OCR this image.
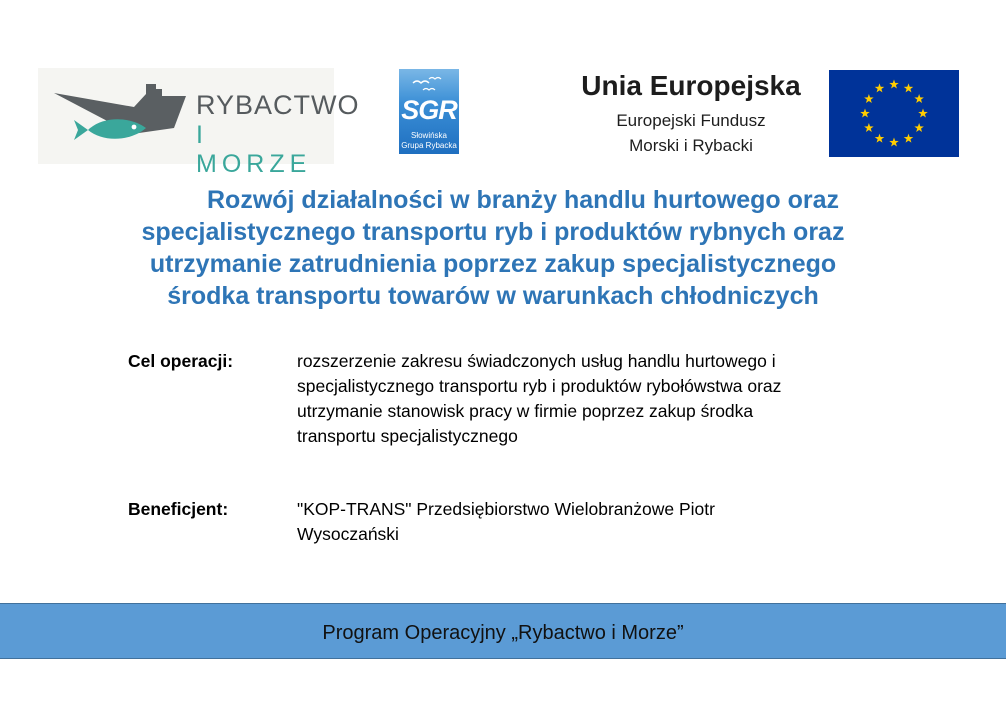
RYBACTWO
I MORZE
SGR
Słowińska
Grupa Rybacka
Unia Europejska
Europejski Fundusz
Morski i Rybacki
Rozwój działalności w branży handlu hurtowego oraz
specjalistycznego transportu ryb i produktów rybnych oraz
utrzymanie zatrudnienia poprzez zakup specjalistycznego
środka transportu towarów w warunkach chłodniczych
Cel operacji:	rozszerzenie zakresu świadczonych usług handlu hurtowego i
specjalistycznego transportu ryb i produktów rybołówstwa oraz
utrzymanie stanowisk pracy w firmie poprzez zakup środka
transportu specjalistycznego
Beneficjent:	"KOP-TRANS" Przedsiębiorstwo Wielobranżowe Piotr
Wysoczański
Program Operacyjny „Rybactwo i Morze”
